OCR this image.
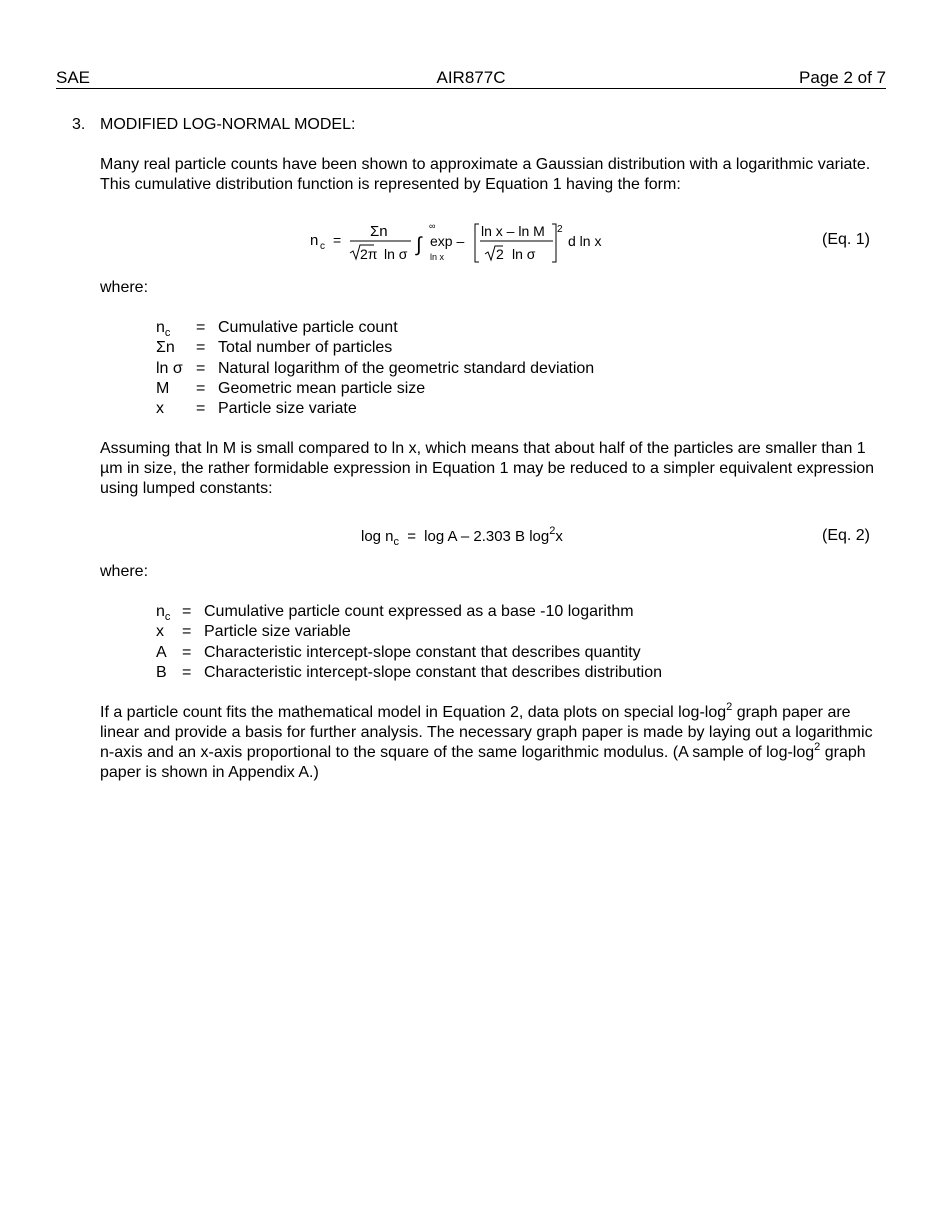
SAE	AIR877C	Page 2 of 7
3. MODIFIED LOG-NORMAL MODEL:
Many real particle counts have been shown to approximate a Gaussian distribution with a logarithmic variate. This cumulative distribution function is represented by Equation 1 having the form:
n c = Σn
2π ln σ ∫
∞
ln x
exp –
ln x – ln M
2 ln σ
2
d ln x	(Eq. 1)
where:
$n_c$	= Cumulative particle count
Σn	= Total number of particles
ln σ = Natural logarithm of the geometric standard deviation
M	= Geometric mean particle size
x	= Particle size variate
Assuming that ln M is small compared to ln x, which means that about half of the particles are smaller than 1 µm in size, the rather formidable expression in Equation 1 may be reduced to a simpler equivalent expression using lumped constants:
$\log n_c = \log A - 2.303$ B $\log^2x$	(Eq. 2)
where:
$n_c$ = Cumulative particle count expressed as a base -10 logarithm
x	= Particle size variable
A = Characteristic intercept-slope constant that describes quantity
B = Characteristic intercept-slope constant that describes distribution
If a particle count fits the mathematical model in Equation 2, data plots on special $\log-\log^2$ graph paper are linear and provide a basis for further analysis. The necessary graph paper is made by laying out a logarithmic n-axis and an x-axis proportional to the square of the same logarithmic modulus. (A sample of $\log-\log^2$ graph paper is shown in Appendix A.)
